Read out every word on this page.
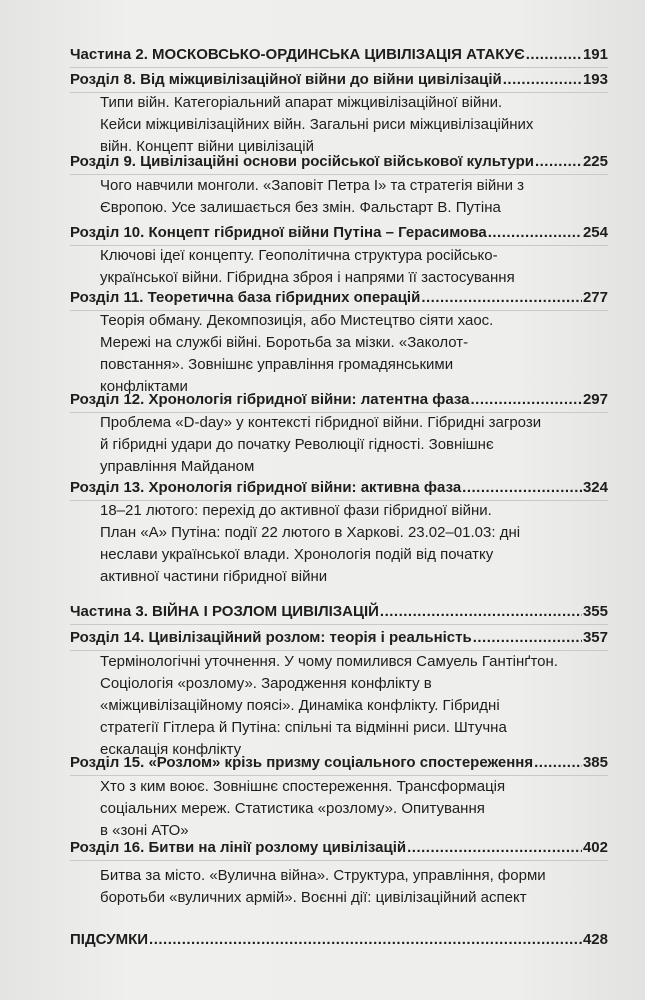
Частина 2. МОСКОВСЬКО-ОРДИНСЬКА ЦИВІЛІЗАЦІЯ АТАКУЄ .....	191
Розділ 8. Від міжцивілізаційної війни до війни цивілізацій .....	193
Типи війн. Категоріальний апарат міжцивілізаційної війни.
Кейси міжцивілізаційних війн. Загальні риси міжцивілізаційних
війн. Концепт війни цивілізацій
Розділ 9. Цивілізаційні основи російської військової культури .....	225
Чого навчили монголи. «Заповіт Петра І» та стратегія війни з
Європою. Усе залишається без змін. Фальстарт В. Путіна
Розділ 10. Концепт гібридної війни Путіна – Герасимова .....	254
Ключові ідеї концепту. Геополітична структура російсько-
української війни. Гібридна зброя і напрями її застосування
Розділ 11. Теоретична база гібридних операцій .....	277
Теорія обману. Декомпозиція, або Мистецтво сіяти хаос.
Мережі на службі війні. Боротьба за мізки. «Заколот-
повстання». Зовнішнє управління громадянськими
конфліктами
Розділ 12. Хронологія гібридної війни: латентна фаза .....	297
Проблема «D-day» у контексті гібридної війни. Гібридні загрози
й гібридні удари до початку Революції гідності. Зовнішнє
управління Майданом
Розділ 13. Хронологія гібридної війни: активна фаза .....	324
18–21 лютого: перехід до активної фази гібридної війни.
План «А» Путіна: події 22 лютого в Харкові. 23.02–01.03: дні
неслави української влади. Хронологія подій від початку
активної частини гібридної війни
Частина 3. ВІЙНА І РОЗЛОМ ЦИВІЛІЗАЦІЙ .....	355
Розділ 14. Цивілізаційний розлом: теорія і реальність .....	357
Термінологічні уточнення. У чому помилився Самуель Гантінґтон.
Соціологія «розлому». Зародження конфлікту в
«міжцивілізаційному поясі». Динаміка конфлікту. Гібридні
стратегії Гітлера й Путіна: спільні та відмінні риси. Штучна
ескалація конфлікту
Розділ 15. «Розлом» крізь призму соціального спостереження .....	385
Хто з ким воює. Зовнішнє спостереження. Трансформація
соціальних мереж. Статистика «розлому». Опитування
в «зоні АТО»
Розділ 16. Битви на лінії розлому цивілізацій .....	402
Битва за місто. «Вулична війна». Структура, управління, форми
боротьби «вуличних армій». Воєнні дії: цивілізаційний аспект
ПІДСУМКИ .....	428
